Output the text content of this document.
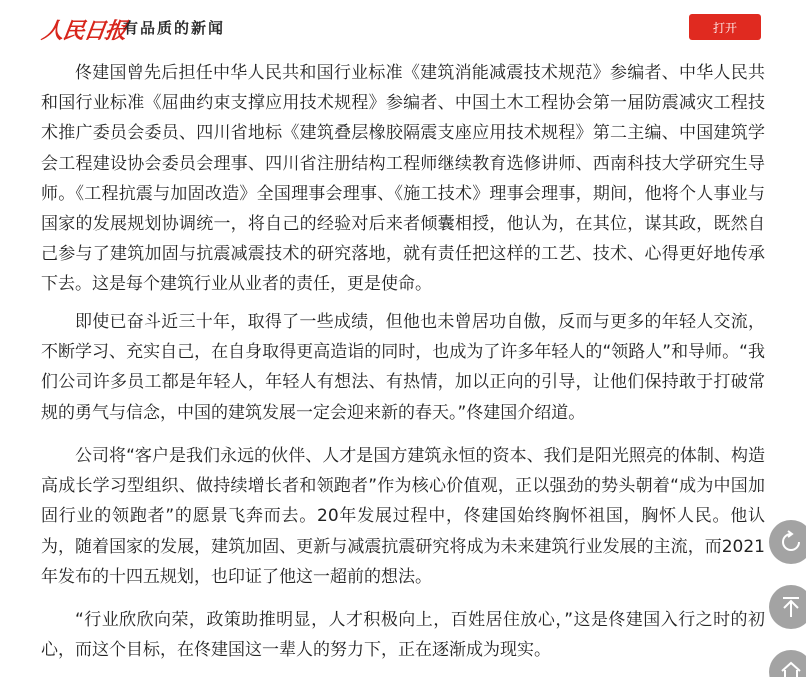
人民日报
有品质的新闻	打开

佟建国曾先后担任中华人民共和国行业标准《建筑消能减震技术规范》参编者、中华人民共和国行业标准《屈曲约束支撑应用技术规程》参编者、中国土木工程协会第一届防震减灾工程技术推广委员会委员、四川省地标《建筑叠层橡胶隔震支座应用技术规程》第二主编、中国建筑学会工程建设协会委员会理事、四川省注册结构工程师继续教育选修讲师、西南科技大学研究生导师。《工程抗震与加固改造》全国理事会理事、《施工技术》理事会理事，期间，他将个人事业与国家的发展规划协调统一，将自己的经验对后来者倾囊相授，他认为，在其位，谋其政，既然自己参与了建筑加固与抗震减震技术的研究落地，就有责任把这样的工艺、技术、心得更好地传承下去。这是每个建筑行业从业者的责任，更是使命。

即使已奋斗近三十年，取得了一些成绩，但他也未曾居功自傲，反而与更多的年轻人交流，不断学习、充实自己，在自身取得更高造诣的同时，也成为了许多年轻人的“领路人”和导师。“我们公司许多员工都是年轻人，年轻人有想法、有热情，加以正向的引导，让他们保持敢于打破常规的勇气与信念，中国的建筑发展一定会迎来新的春天。”佟建国介绍道。

公司将“客户是我们永远的伙伴、人才是国方建筑永恒的资本、我们是阳光照亮的体制、构造高成长学习型组织、做持续增长者和领跑者”作为核心价值观，正以强劲的势头朝着“成为中国加固行业的领跑者”的愿景飞奔而去。20年发展过程中，佟建国始终胸怀祖国，胸怀人民。他认为，随着国家的发展，建筑加固、更新与减震抗震研究将成为未来建筑行业发展的主流，而2021年发布的十四五规划，也印证了他这一超前的想法。

“行业欣欣向荣，政策助推明显，人才积极向上，百姓居住放心，”这是佟建国入行之时的初心，而这个目标，在佟建国这一辈人的努力下，正在逐渐成为现实。
